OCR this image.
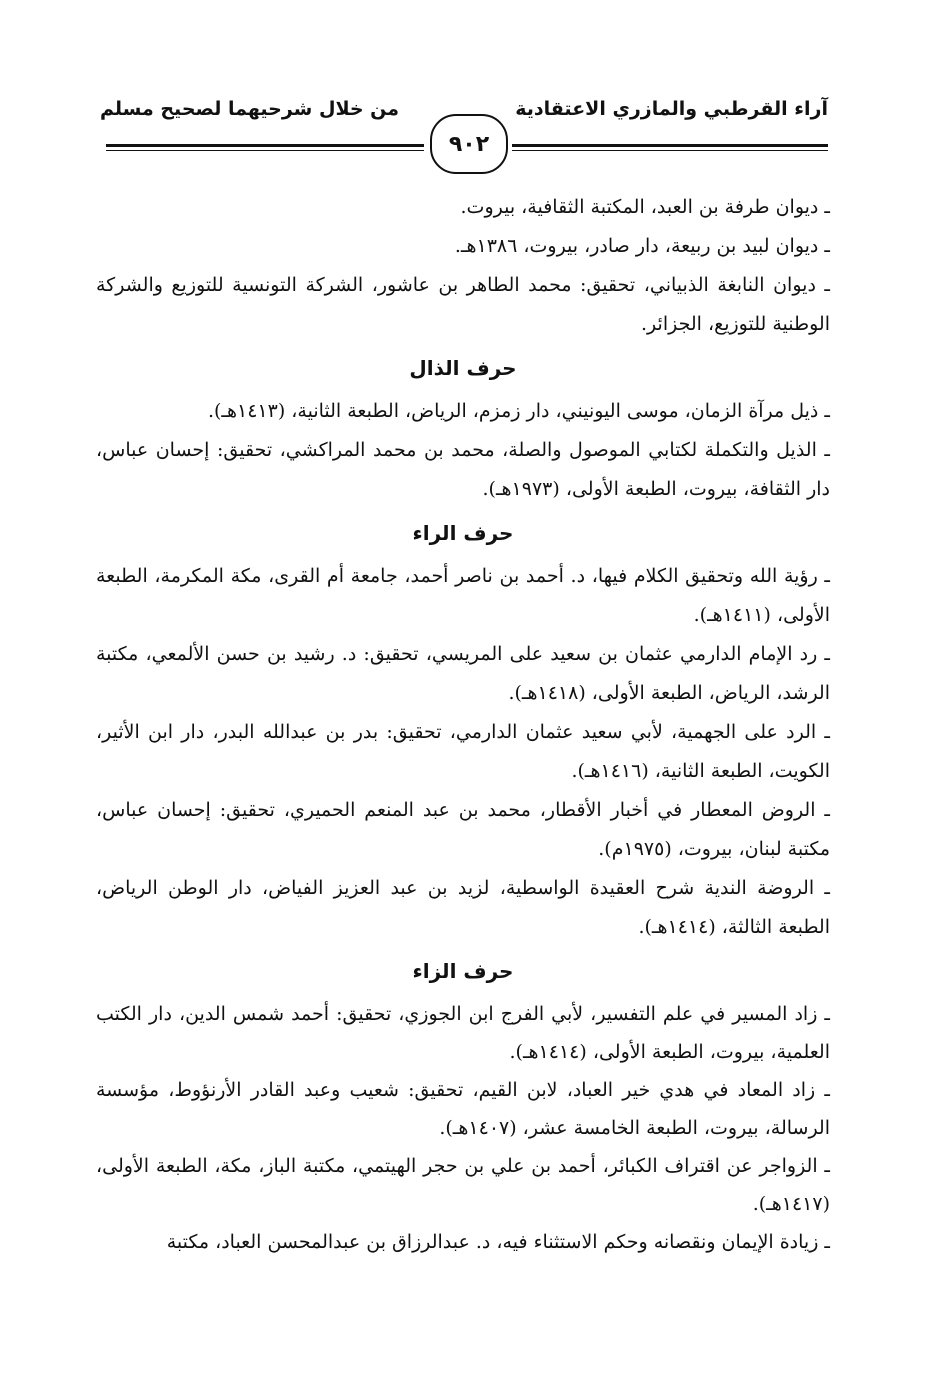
آراء القرطبي والمازري الاعتقادية
من خلال شرحيهما لصحيح مسلم
٩٠٢

ـ ديوان طرفة بن العبد، المكتبة الثقافية، بيروت.

ـ ديوان لبيد بن ربيعة، دار صادر، بيروت، ١٣٨٦هـ.

ـ ديوان النابغة الذبياني، تحقيق: محمد الطاهر بن عاشور، الشركة التونسية للتوزيع والشركة الوطنية للتوزيع، الجزائر.

حرف الذال

ـ ذيل مرآة الزمان، موسى اليونيني، دار زمزم، الرياض، الطبعة الثانية، (١٤١٣هـ).

ـ الذيل والتكملة لكتابي الموصول والصلة، محمد بن محمد المراكشي، تحقيق: إحسان عباس، دار الثقافة، بيروت، الطبعة الأولى، (١٩٧٣هـ).

حرف الراء

ـ رؤية الله وتحقيق الكلام فيها، د. أحمد بن ناصر أحمد، جامعة أم القرى، مكة المكرمة، الطبعة الأولى، (١٤١١هـ).

ـ رد الإمام الدارمي عثمان بن سعيد على المريسي، تحقيق: د. رشيد بن حسن الألمعي، مكتبة الرشد، الرياض، الطبعة الأولى، (١٤١٨هـ).

ـ الرد على الجهمية، لأبي سعيد عثمان الدارمي، تحقيق: بدر بن عبدالله البدر، دار ابن الأثير، الكويت، الطبعة الثانية، (١٤١٦هـ).

ـ الروض المعطار في أخبار الأقطار، محمد بن عبد المنعم الحميري، تحقيق: إحسان عباس، مكتبة لبنان، بيروت، (١٩٧٥م).

ـ الروضة الندية شرح العقيدة الواسطية، لزيد بن عبد العزيز الفياض، دار الوطن الرياض، الطبعة الثالثة، (١٤١٤هـ).

حرف الزاء

ـ زاد المسير في علم التفسير، لأبي الفرج ابن الجوزي، تحقيق: أحمد شمس الدين، دار الكتب العلمية، بيروت، الطبعة الأولى، (١٤١٤هـ).

ـ زاد المعاد في هدي خير العباد، لابن القيم، تحقيق: شعيب وعبد القادر الأرنؤوط، مؤسسة الرسالة، بيروت، الطبعة الخامسة عشر، (١٤٠٧هـ).

ـ الزواجر عن اقتراف الكبائر، أحمد بن علي بن حجر الهيتمي، مكتبة الباز، مكة، الطبعة الأولى، (١٤١٧هـ).

ـ زيادة الإيمان ونقصانه وحكم الاستثناء فيه، د. عبدالرزاق بن عبدالمحسن العباد، مكتبة
